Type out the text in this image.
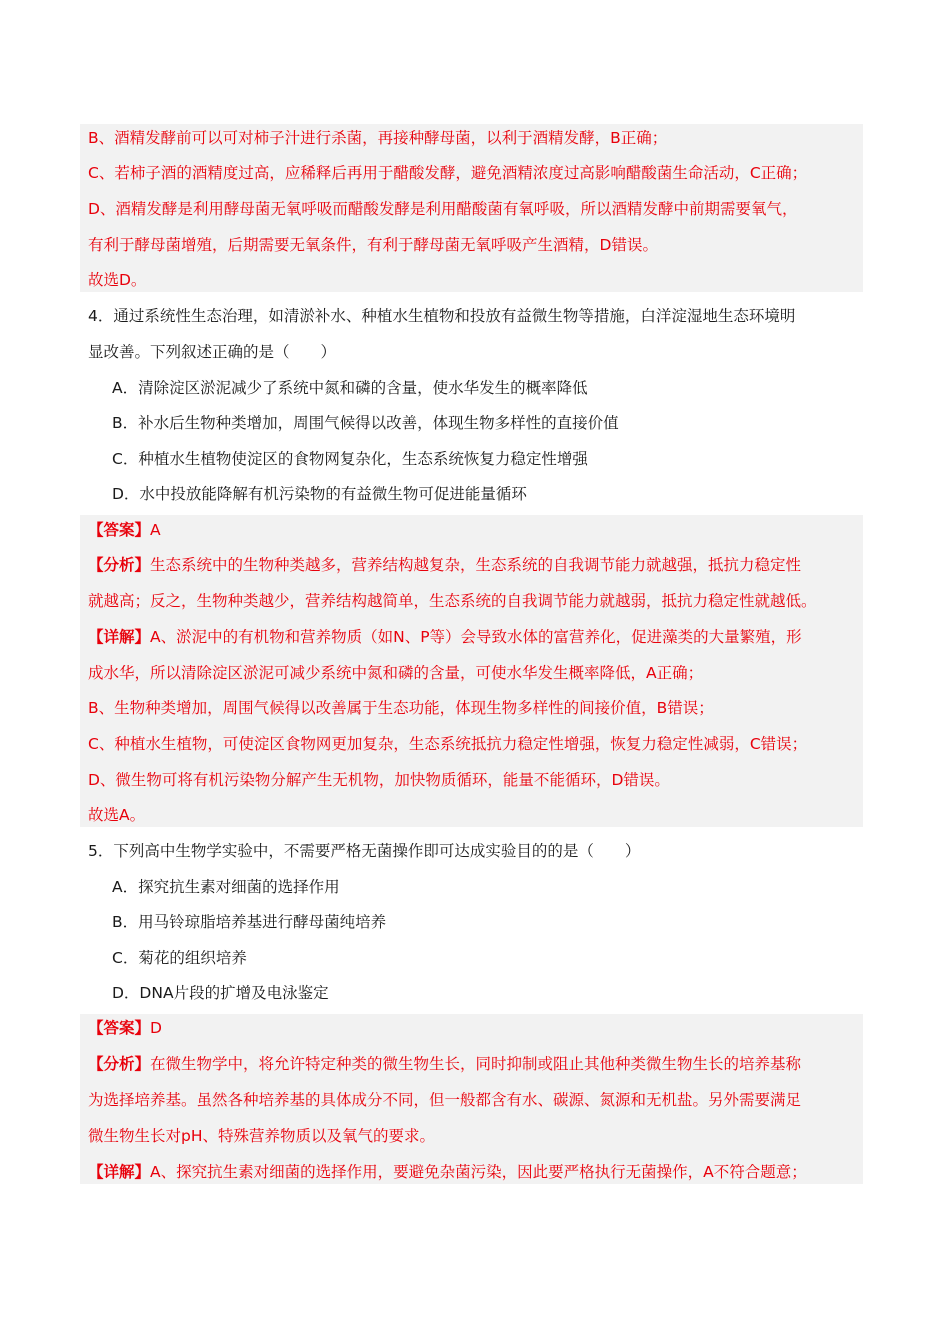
B、酒精发酵前可以可对柿子汁进行杀菌，再接种酵母菌，以利于酒精发酵，B正确；
C、若柿子酒的酒精度过高，应稀释后再用于醋酸发酵，避免酒精浓度过高影响醋酸菌生命活动，C正确；
D、酒精发酵是利用酵母菌无氧呼吸而醋酸发酵是利用醋酸菌有氧呼吸，所以酒精发酵中前期需要氧气，
有利于酵母菌增殖，后期需要无氧条件，有利于酵母菌无氧呼吸产生酒精，D错误。
故选D。
4．通过系统性生态治理，如清淤补水、种植水生植物和投放有益微生物等措施，白洋淀湿地生态环境明
显改善。下列叙述正确的是（　　）
A．清除淀区淤泥减少了系统中氮和磷的含量，使水华发生的概率降低
B．补水后生物种类增加，周围气候得以改善，体现生物多样性的直接价值
C．种植水生植物使淀区的食物网复杂化，生态系统恢复力稳定性增强
D．水中投放能降解有机污染物的有益微生物可促进能量循环
【答案】A
【分析】生态系统中的生物种类越多，营养结构越复杂，生态系统的自我调节能力就越强，抵抗力稳定性
就越高；反之，生物种类越少，营养结构越简单，生态系统的自我调节能力就越弱，抵抗力稳定性就越低。
【详解】A、淤泥中的有机物和营养物质（如N、P等）会导致水体的富营养化，促进藻类的大量繁殖，形
成水华，所以清除淀区淤泥可减少系统中氮和磷的含量，可使水华发生概率降低，A正确；
B、生物种类增加，周围气候得以改善属于生态功能，体现生物多样性的间接价值，B错误；
C、种植水生植物，可使淀区食物网更加复杂，生态系统抵抗力稳定性增强，恢复力稳定性减弱，C错误；
D、微生物可将有机污染物分解产生无机物，加快物质循环，能量不能循环，D错误。
故选A。
5．下列高中生物学实验中，不需要严格无菌操作即可达成实验目的的是（　　）
A．探究抗生素对细菌的选择作用
B．用马铃琼脂培养基进行酵母菌纯培养
C．菊花的组织培养
D．DNA片段的扩增及电泳鉴定
【答案】D
【分析】在微生物学中，将允许特定种类的微生物生长，同时抑制或阻止其他种类微生物生长的培养基称
为选择培养基。虽然各种培养基的具体成分不同，但一般都含有水、碳源、氮源和无机盐。另外需要满足
微生物生长对pH、特殊营养物质以及氧气的要求。
【详解】A、探究抗生素对细菌的选择作用，要避免杂菌污染，因此要严格执行无菌操作，A不符合题意；
